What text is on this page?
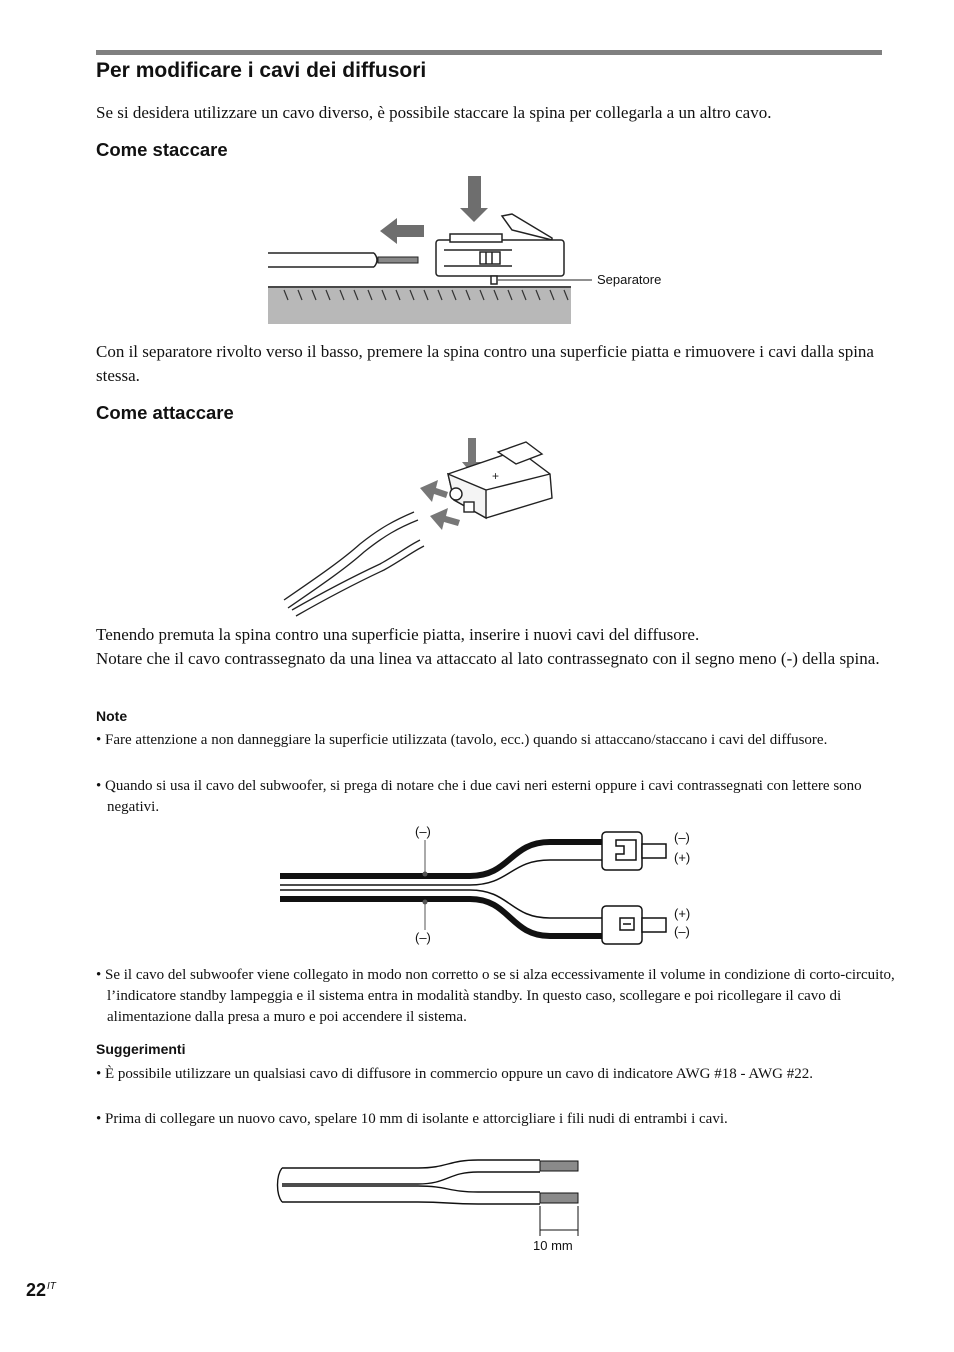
Per modificare i cavi dei diffusori

Se si desidera utilizzare un cavo diverso, è possibile staccare la spina per collegarla a un altro cavo.

Come staccare
Separatore

Con il separatore rivolto verso il basso, premere la spina contro una superficie piatta e rimuovere i cavi dalla spina stessa.

Come attaccare
+

Tenendo premuta la spina contro una superficie piatta, inserire i nuovi cavi del diffusore.

Notare che il cavo contrassegnato da una linea va attaccato al lato contrassegnato con il segno meno (-) della spina.

Note

• Fare attenzione a non danneggiare la superficie utilizzata (tavolo, ecc.) quando si attaccano/staccano i cavi del diffusore.

• Quando si usa il cavo del subwoofer, si prega di notare che i due cavi neri esterni oppure i cavi contrassegnati con lettere sono negativi.

(–)
(–)
(–)
(+)
(+)
(–)

• Se il cavo del subwoofer viene collegato in modo non corretto o se si alza eccessivamente il volume in condizione di corto-circuito, l’indicatore standby lampeggia e il sistema entra in modalità standby. In questo caso, scollegare e poi ricollegare il cavo di alimentazione dalla presa a muro e poi accendere il sistema.

Suggerimenti

• È possibile utilizzare un qualsiasi cavo di diffusore in commercio oppure un cavo di indicatore AWG #18 - AWG #22.

• Prima di collegare un nuovo cavo, spelare 10 mm di isolante e attorcigliare i fili nudi di entrambi i cavi.

10 mm
$22^{IT}$
